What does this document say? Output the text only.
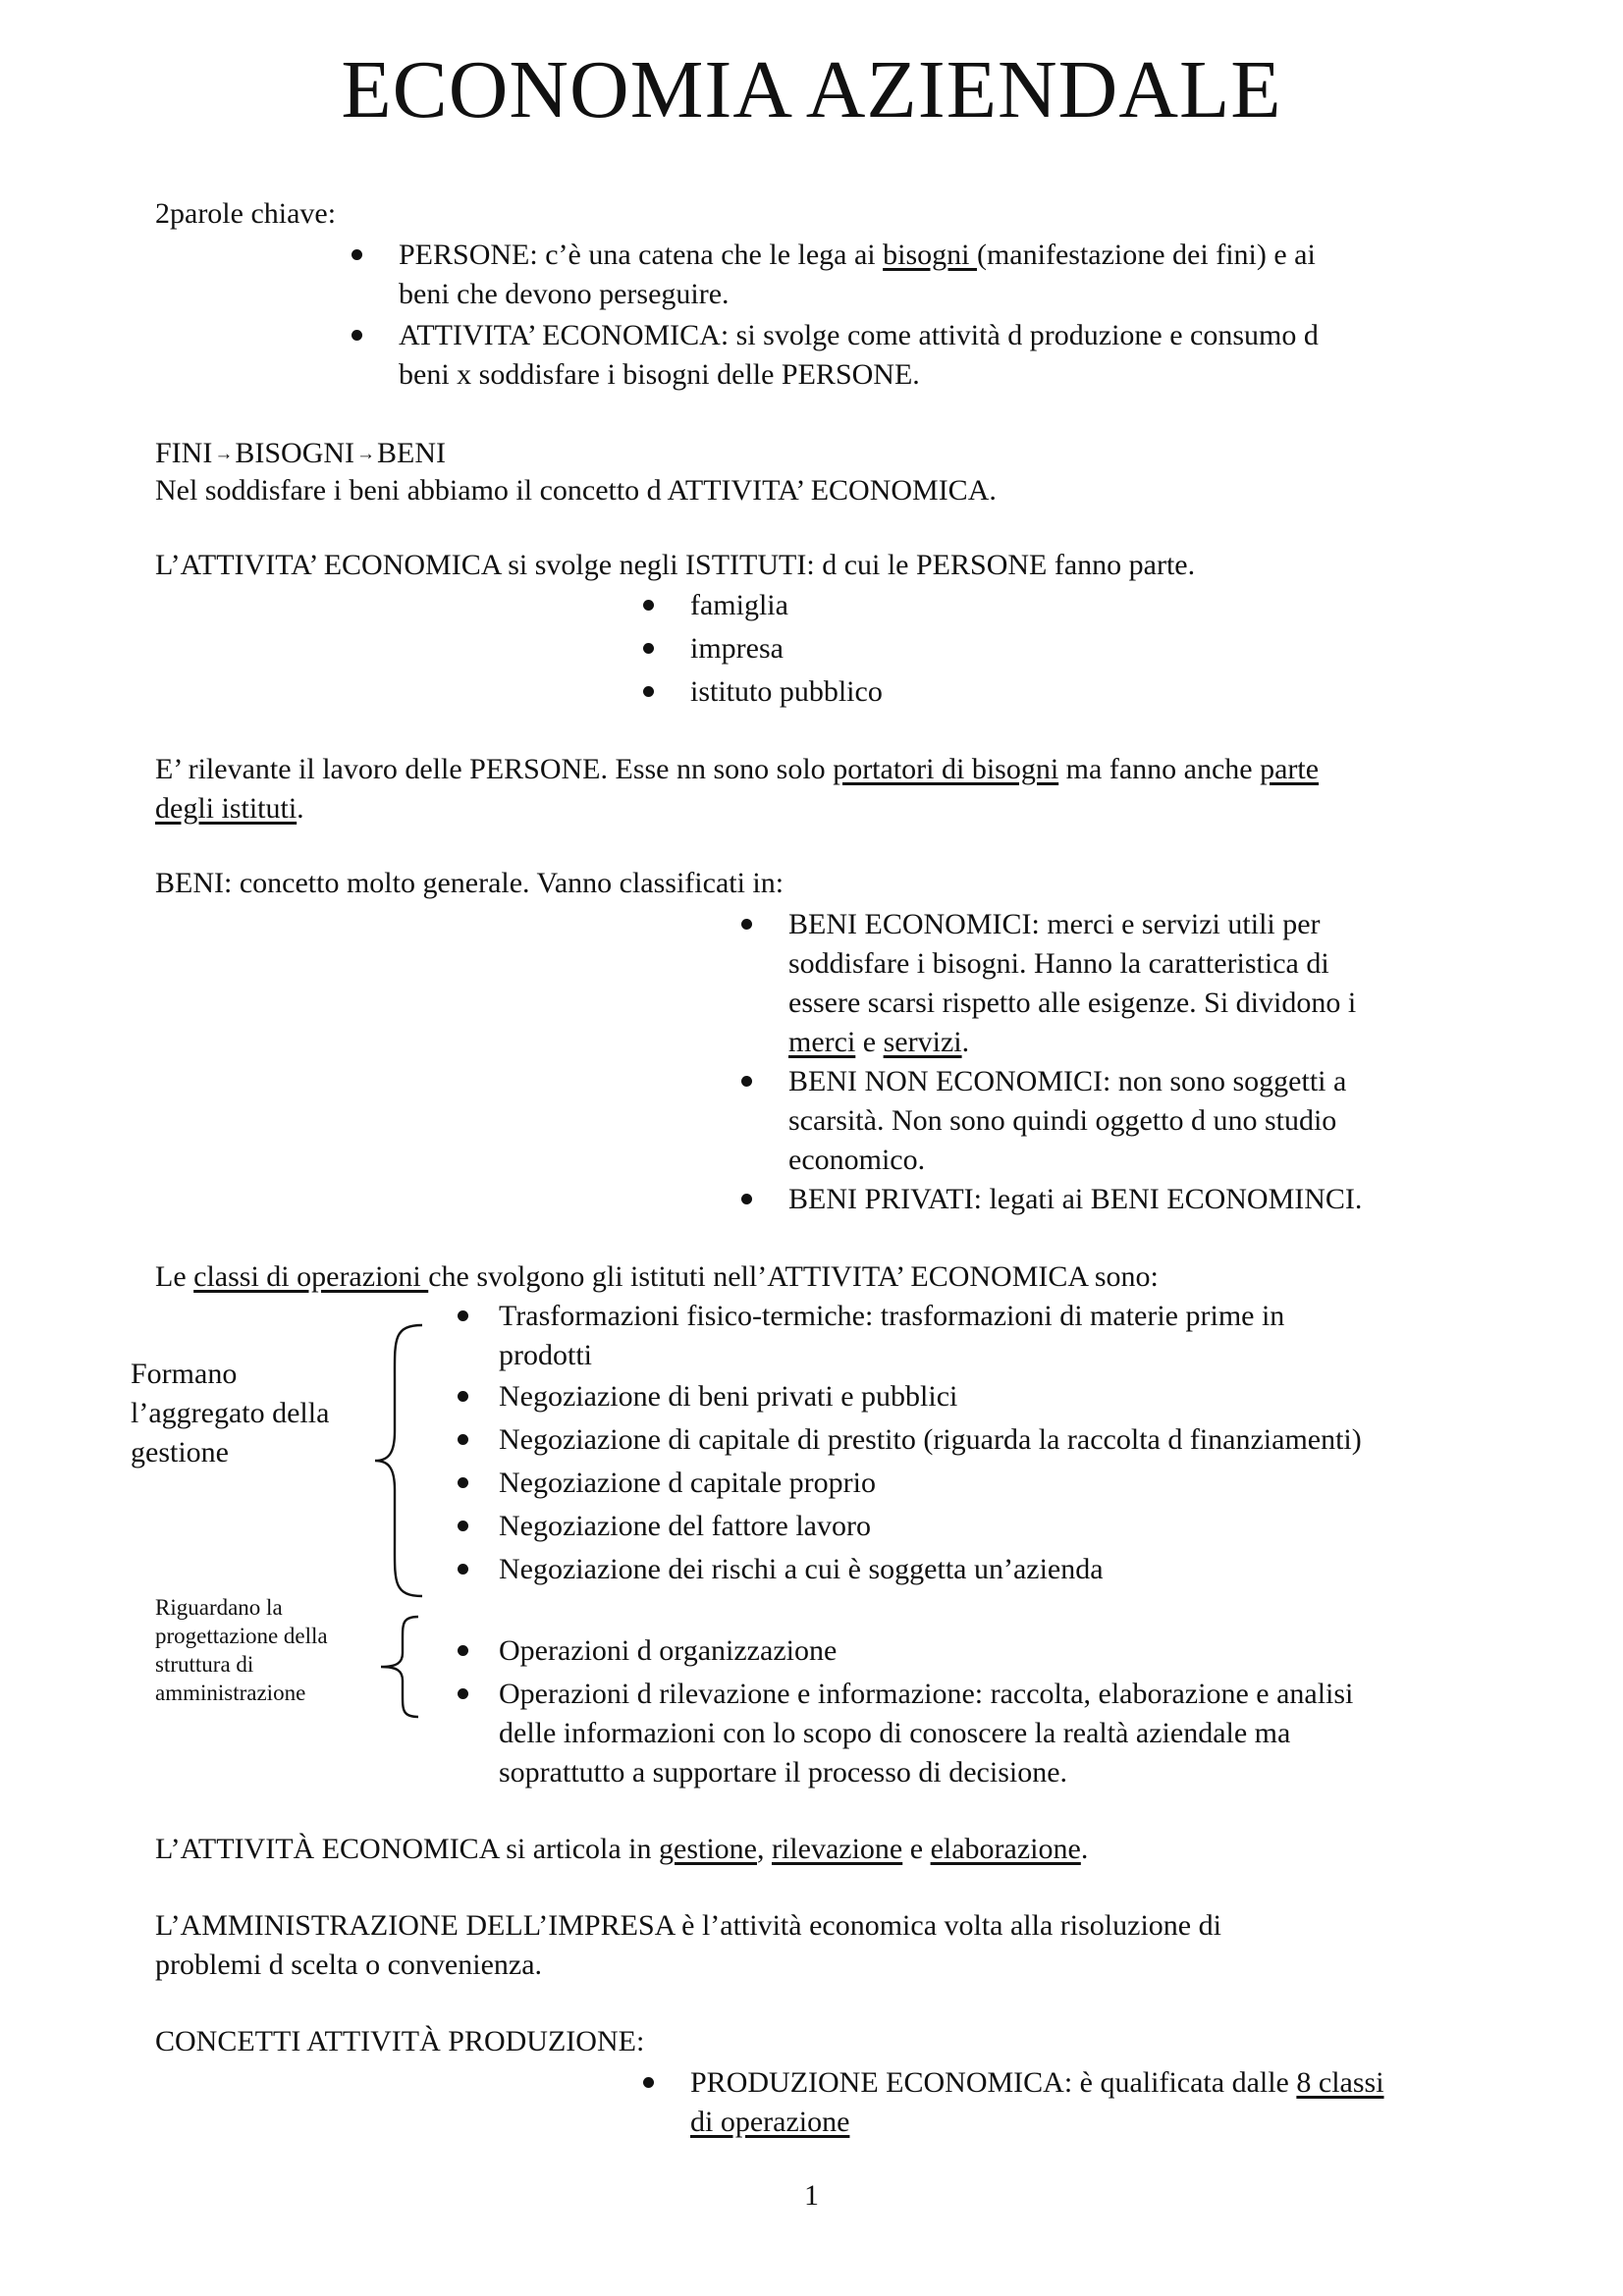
ECONOMIA AZIENDALE
2parole chiave:
PERSONE: c’è una catena che le lega ai bisogni (manifestazione dei fini) e ai
beni che devono perseguire.
ATTIVITA’ ECONOMICA: si svolge come attività d produzione e consumo d
beni x soddisfare i bisogni delle PERSONE.
FINI →BISOGNI →BENI
Nel soddisfare i beni abbiamo il concetto d ATTIVITA’ ECONOMICA.
L’ATTIVITA’ ECONOMICA si svolge negli ISTITUTI: d cui le PERSONE fanno parte.
famiglia
impresa
istituto pubblico
E’ rilevante il lavoro delle PERSONE. Esse nn sono solo portatori di bisogni ma fanno anche parte
degli istituti.
BENI: concetto molto generale. Vanno classificati in:
BENI ECONOMICI: merci e servizi utili per
soddisfare i bisogni. Hanno la caratteristica di
essere scarsi rispetto alle esigenze. Si dividono i
merci e servizi.
BENI NON ECONOMICI: non sono soggetti a
scarsità. Non sono quindi oggetto d uno studio
economico.
BENI PRIVATI: legati ai BENI ECONOMINCI.
Le classi di operazioni che svolgono gli istituti nell’ATTIVITA’ ECONOMICA sono:
Formano
l’aggregato della
gestione
Trasformazioni fisico-termiche: trasformazioni di materie prime in
prodotti
Negoziazione di beni privati e pubblici
Negoziazione di capitale di prestito (riguarda la raccolta d finanziamenti)
Negoziazione d capitale proprio
Negoziazione del fattore lavoro
Negoziazione dei rischi a cui è soggetta un’azienda
Riguardano la
progettazione della
struttura di
amministrazione
Operazioni d organizzazione
Operazioni d rilevazione e informazione: raccolta, elaborazione e analisi
delle informazioni con lo scopo di conoscere la realtà aziendale ma
soprattutto a supportare il processo di decisione.
L’ATTIVITÀ ECONOMICA si articola in gestione, rilevazione e elaborazione.
L’AMMINISTRAZIONE DELL’IMPRESA è l’attività economica volta alla risoluzione di
problemi d scelta o convenienza.
CONCETTI ATTIVITÀ PRODUZIONE:
PRODUZIONE ECONOMICA: è qualificata dalle 8 classi
di operazione
1
